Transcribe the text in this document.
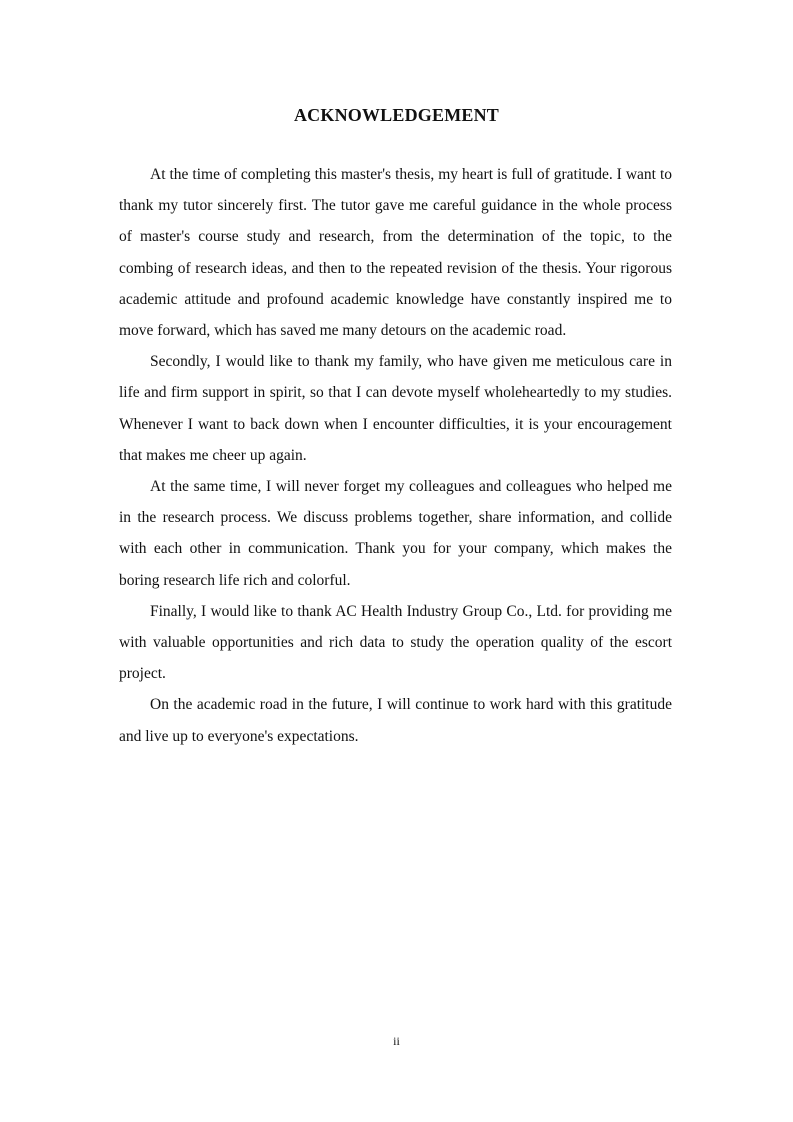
ACKNOWLEDGEMENT

At the time of completing this master's thesis, my heart is full of gratitude. I want to thank my tutor sincerely first. The tutor gave me careful guidance in the whole process of master's course study and research, from the determination of the topic, to the combing of research ideas, and then to the repeated revision of the thesis. Your rigorous academic attitude and profound academic knowledge have constantly inspired me to move forward, which has saved me many detours on the academic road.

Secondly, I would like to thank my family, who have given me meticulous care in life and firm support in spirit, so that I can devote myself wholeheartedly to my studies. Whenever I want to back down when I encounter difficulties, it is your encouragement that makes me cheer up again.

At the same time, I will never forget my colleagues and colleagues who helped me in the research process. We discuss problems together, share information, and collide with each other in communication. Thank you for your company, which makes the boring research life rich and colorful.

Finally, I would like to thank AC Health Industry Group Co., Ltd. for providing me with valuable opportunities and rich data to study the operation quality of the escort project.

On the academic road in the future, I will continue to work hard with this gratitude and live up to everyone's expectations.

ii
